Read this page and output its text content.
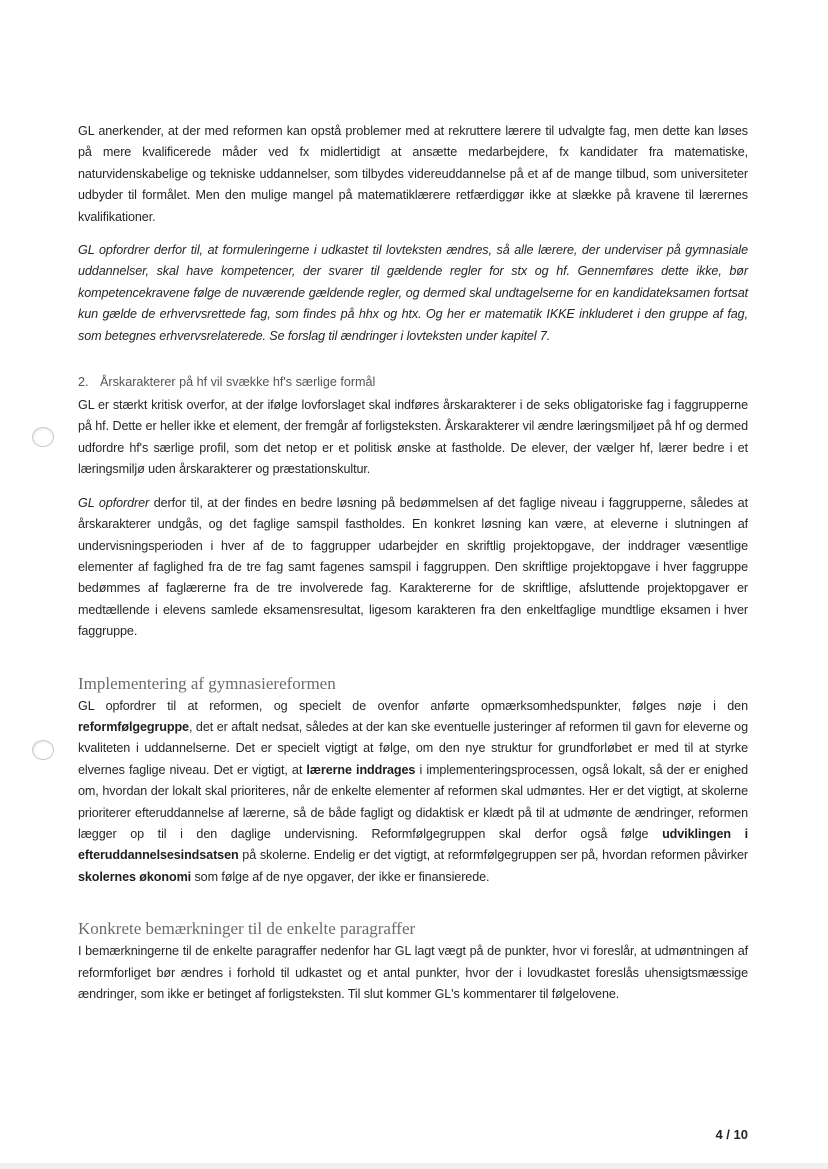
GL anerkender, at der med reformen kan opstå problemer med at rekruttere lærere til udvalgte fag, men dette kan løses på mere kvalificerede måder ved fx midlertidigt at ansætte medarbejdere, fx kandidater fra matematiske, naturvidenskabelige og tekniske uddannelser, som tilbydes videreuddannelse på et af de mange tilbud, som universiteter udbyder til formålet. Men den mulige mangel på matematiklærere retfærdiggør ikke at slække på kravene til lærernes kvalifikationer.

GL opfordrer derfor til, at formuleringerne i udkastet til lovteksten ændres, så alle lærere, der underviser på gymnasiale uddannelser, skal have kompetencer, der svarer til gældende regler for stx og hf. Gennemføres dette ikke, bør kompetencekravene følge de nuværende gældende regler, og dermed skal undtagelserne for en kandidateksamen fortsat kun gælde de erhvervsrettede fag, som findes på hhx og htx. Og her er matematik IKKE inkluderet i den gruppe af fag, som betegnes erhvervsrelaterede. Se forslag til ændringer i lovteksten under kapitel 7.

2. Årskarakterer på hf vil svække hf's særlige formål

GL er stærkt kritisk overfor, at der ifølge lovforslaget skal indføres årskarakterer i de seks obligatoriske fag i faggrupperne på hf. Dette er heller ikke et element, der fremgår af forligsteksten. Årskarakterer vil ændre læringsmiljøet på hf og dermed udfordre hf's særlige profil, som det netop er et politisk ønske at fastholde. De elever, der vælger hf, lærer bedre i et læringsmiljø uden årskarakterer og præstationskultur.

GL opfordrer derfor til, at der findes en bedre løsning på bedømmelsen af det faglige niveau i faggrupperne, således at årskarakterer undgås, og det faglige samspil fastholdes. En konkret løsning kan være, at eleverne i slutningen af undervisningsperioden i hver af de to faggrupper udarbejder en skriftlig projektopgave, der inddrager væsentlige elementer af faglighed fra de tre fag samt fagenes samspil i faggruppen. Den skriftlige projektopgave i hver faggruppe bedømmes af faglærerne fra de tre involverede fag. Karaktererne for de skriftlige, afsluttende projektopgaver er medtællende i elevens samlede eksamensresultat, ligesom karakteren fra den enkeltfaglige mundtlige eksamen i hver faggruppe.

Implementering af gymnasiereformen

GL opfordrer til at reformen, og specielt de ovenfor anførte opmærksomhedspunkter, følges nøje i den reformfølgegruppe, det er aftalt nedsat, således at der kan ske eventuelle justeringer af reformen til gavn for eleverne og kvaliteten i uddannelserne. Det er specielt vigtigt at følge, om den nye struktur for grundforløbet er med til at styrke elvernes faglige niveau. Det er vigtigt, at lærerne inddrages i implementeringsprocessen, også lokalt, så der er enighed om, hvordan der lokalt skal prioriteres, når de enkelte elementer af reformen skal udmøntes. Her er det vigtigt, at skolerne prioriterer efteruddannelse af lærerne, så de både fagligt og didaktisk er klædt på til at udmønte de ændringer, reformen lægger op til i den daglige undervisning. Reformfølgegruppen skal derfor også følge udviklingen i efteruddannelsesindsatsen på skolerne. Endelig er det vigtigt, at reformfølgegruppen ser på, hvordan reformen påvirker skolernes økonomi som følge af de nye opgaver, der ikke er finansierede.

Konkrete bemærkninger til de enkelte paragraffer

I bemærkningerne til de enkelte paragraffer nedenfor har GL lagt vægt på de punkter, hvor vi foreslår, at udmøntningen af reformforliget bør ændres i forhold til udkastet og et antal punkter, hvor der i lovudkastet foreslås uhensigtsmæssige ændringer, som ikke er betinget af forligsteksten. Til slut kommer GL's kommentarer til følgelovene.

4 / 10
